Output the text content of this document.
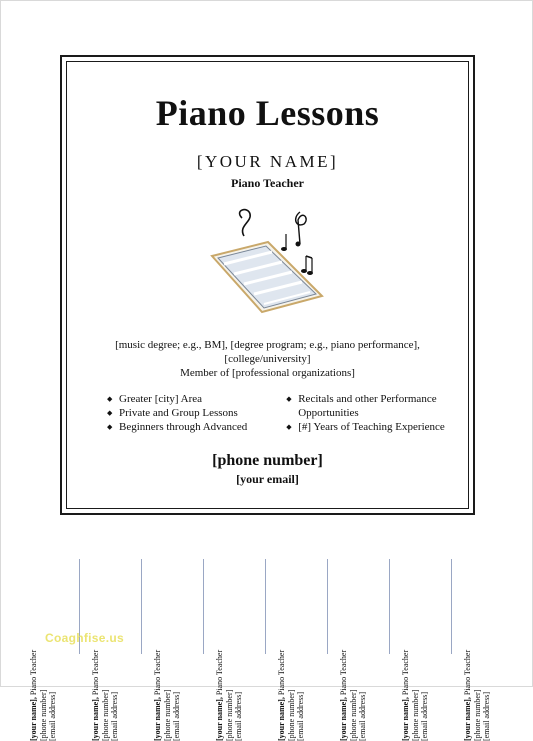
Piano Lessons
[YOUR NAME]
Piano Teacher
[music degree; e.g., BM], [degree program; e.g., piano performance],
[college/university]
Member of [professional organizations]
◆ Greater [city] Area
◆ Private and Group Lessons
◆ Beginners through Advanced
◆ Recitals and other Performance
Opportunities
◆ [#] Years of Teaching Experience
[phone number]
[your email]
[your name], Piano Teacher
[phone number] [email address]	[your name], Piano Teacher
[phone number] [email address]	[your name], Piano Teacher
[phone number] [email address]	[your name], Piano Teacher
[phone number] [email address]	[your name], Piano Teacher
[phone number] [email address]	[your name], Piano Teacher
[phone number] [email address]	[your name], Piano Teacher
[phone number] [email address]	[your name], Piano Teacher
[phone number] [email address]
Coaghfise.us
